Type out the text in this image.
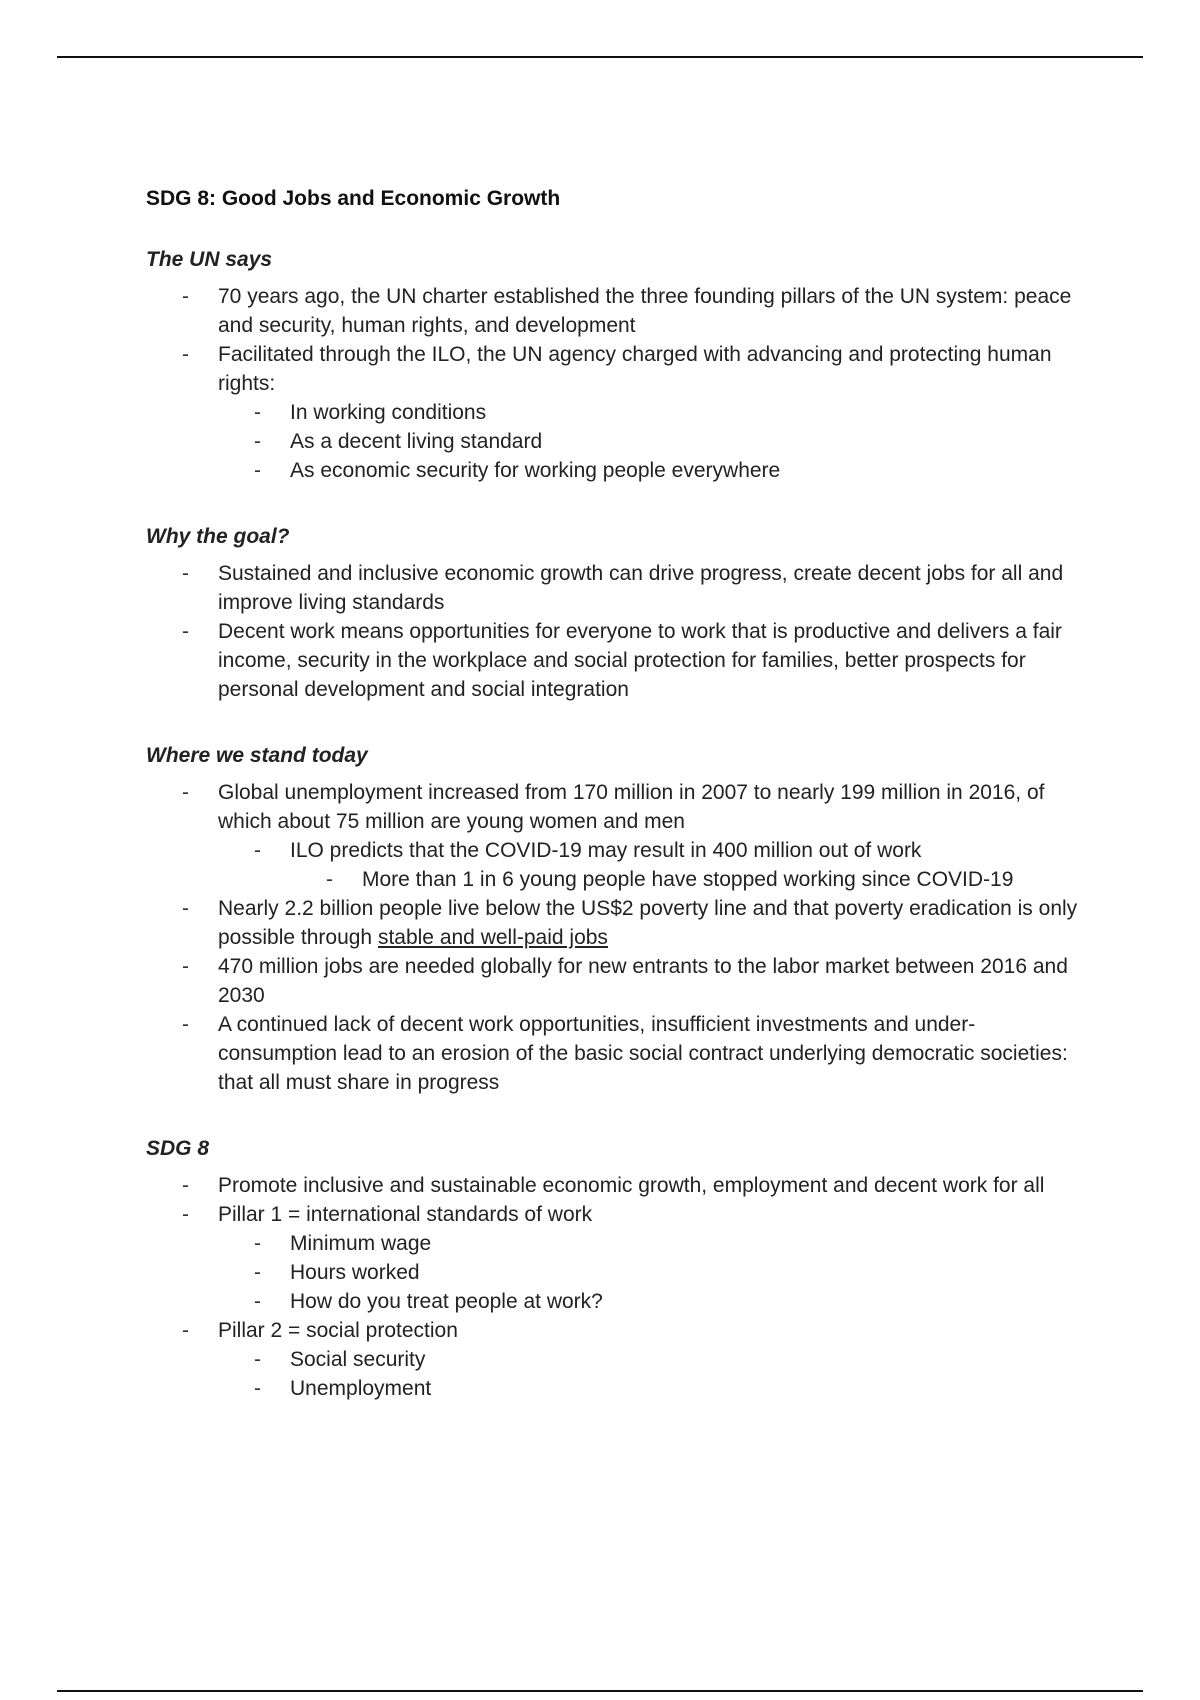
SDG 8: Good Jobs and Economic Growth
The UN says
- 70 years ago, the UN charter established the three founding pillars of the UN system: peace and security, human rights, and development
- Facilitated through the ILO, the UN agency charged with advancing and protecting human rights:
- In working conditions
- As a decent living standard
- As economic security for working people everywhere
Why the goal?
- Sustained and inclusive economic growth can drive progress, create decent jobs for all and improve living standards
- Decent work means opportunities for everyone to work that is productive and delivers a fair income, security in the workplace and social protection for families, better prospects for personal development and social integration
Where we stand today
- Global unemployment increased from 170 million in 2007 to nearly 199 million in 2016, of which about 75 million are young women and men
- ILO predicts that the COVID-19 may result in 400 million out of work
- More than 1 in 6 young people have stopped working since COVID-19
- Nearly 2.2 billion people live below the US$2 poverty line and that poverty eradication is only possible through stable and well-paid jobs
- 470 million jobs are needed globally for new entrants to the labor market between 2016 and 2030
- A continued lack of decent work opportunities, insufficient investments and under-consumption lead to an erosion of the basic social contract underlying democratic societies: that all must share in progress
SDG 8
- Promote inclusive and sustainable economic growth, employment and decent work for all
- Pillar 1 = international standards of work
- Minimum wage
- Hours worked
- How do you treat people at work?
- Pillar 2 = social protection
- Social security
- Unemployment
